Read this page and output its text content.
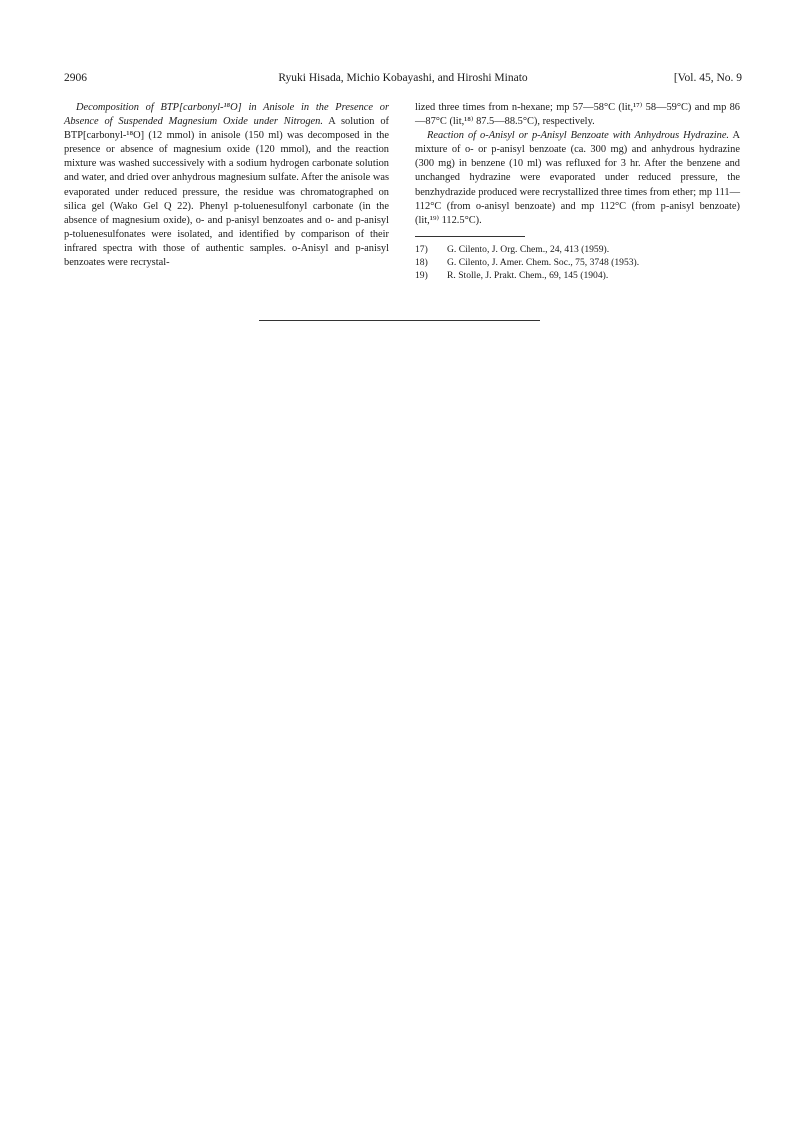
2906	Ryuki Hisada, Michio Kobayashi, and Hiroshi Minato	[Vol. 45, No. 9

Decomposition of BTP[carbonyl-¹⁸O] in Anisole in the Presence or Absence of Suspended Magnesium Oxide under Nitrogen. A solution of BTP[carbonyl-¹⁸O] (12 mmol) in anisole (150 ml) was decomposed in the presence or absence of magnesium oxide (120 mmol), and the reaction mixture was washed successively with a sodium hydrogen carbonate solution and water, and dried over anhydrous magnesium sulfate. After the anisole was evaporated under reduced pressure, the residue was chromatographed on silica gel (Wako Gel Q 22). Phenyl p-toluenesulfonyl carbonate (in the absence of magnesium oxide), o- and p-anisyl benzoates and o- and p-anisyl p-toluenesulfonates were isolated, and identified by comparison of their infrared spectra with those of authentic samples. o-Anisyl and p-anisyl benzoates were recrystal-

lized three times from n-hexane; mp 57—58°C (lit,¹⁷⁾ 58—59°C) and mp 86—87°C (lit,¹⁸⁾ 87.5—88.5°C), respectively.

Reaction of o-Anisyl or p-Anisyl Benzoate with Anhydrous Hydrazine. A mixture of o- or p-anisyl benzoate (ca. 300 mg) and anhydrous hydrazine (300 mg) in benzene (10 ml) was refluxed for 3 hr. After the benzene and unchanged hydrazine were evaporated under reduced pressure, the benzhydrazide produced were recrystallized three times from ether; mp 111—112°C (from o-anisyl benzoate) and mp 112°C (from p-anisyl benzoate) (lit,¹⁹⁾ 112.5°C).

17) G. Cilento, J. Org. Chem., 24, 413 (1959).
18) G. Cilento, J. Amer. Chem. Soc., 75, 3748 (1953).
19) R. Stolle, J. Prakt. Chem., 69, 145 (1904).
